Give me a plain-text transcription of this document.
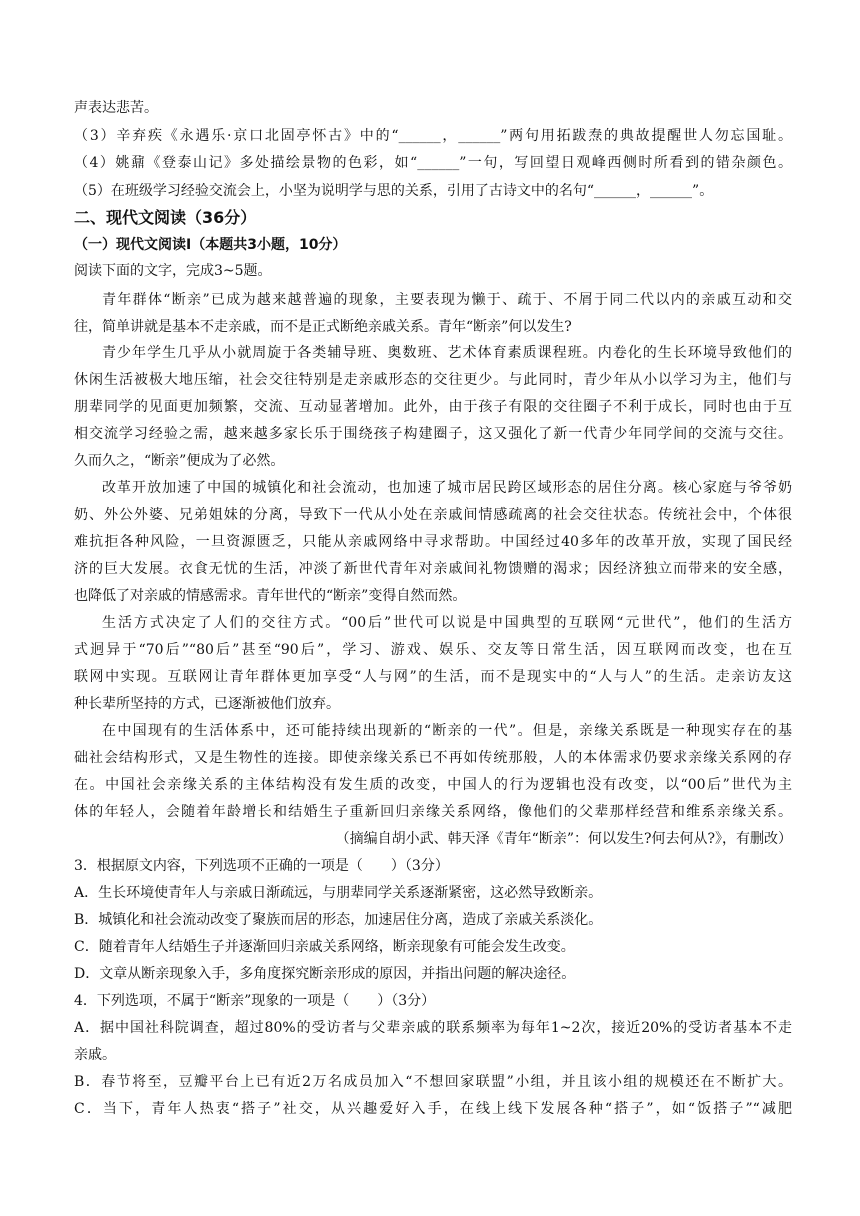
声表达悲苦。
（3）辛弃疾《永遇乐·京口北固亭怀古》中的“______，______”两句用拓跋焘的典故提醒世人勿忘国耻。
（4）姚鼐《登泰山记》多处描绘景物的色彩，如“______”一句，写回望日观峰西侧时所看到的错杂颜色。
（5）在班级学习经验交流会上，小坚为说明学与思的关系，引用了古诗文中的名句“______，______”。
二、现代文阅读（36分）
（一）现代文阅读Ⅰ（本题共3小题，10分）
阅读下面的文字，完成3~5题。
青年群体“断亲”已成为越来越普遍的现象，主要表现为懒于、疏于、不屑于同二代以内的亲戚互动和交
往，简单讲就是基本不走亲戚，而不是正式断绝亲戚关系。青年“断亲”何以发生?
青少年学生几乎从小就周旋于各类辅导班、奥数班、艺术体育素质课程班。内卷化的生长环境导致他们的
休闲生活被极大地压缩，社会交往特别是走亲戚形态的交往更少。与此同时，青少年从小以学习为主，他们与
朋辈同学的见面更加频繁，交流、互动显著增加。此外，由于孩子有限的交往圈子不利于成长，同时也由于互
相交流学习经验之需，越来越多家长乐于围绕孩子构建圈子，这又强化了新一代青少年同学间的交流与交往。
久而久之，“断亲”便成为了必然。
改革开放加速了中国的城镇化和社会流动，也加速了城市居民跨区域形态的居住分离。核心家庭与爷爷奶
奶、外公外婆、兄弟姐妹的分离，导致下一代从小处在亲戚间情感疏离的社会交往状态。传统社会中，个体很
难抗拒各种风险，一旦资源匮乏，只能从亲戚网络中寻求帮助。中国经过40多年的改革开放，实现了国民经
济的巨大发展。衣食无忧的生活，冲淡了新世代青年对亲戚间礼物馈赠的渴求；因经济独立而带来的安全感，
也降低了对亲戚的情感需求。青年世代的“断亲”变得自然而然。
生活方式决定了人们的交往方式。“00后”世代可以说是中国典型的互联网“元世代”，他们的生活方
式迥异于“70后”“80后”甚至“90后”，学习、游戏、娱乐、交友等日常生活，因互联网而改变，也在互
联网中实现。互联网让青年群体更加享受“人与网”的生活，而不是现实中的“人与人”的生活。走亲访友这
种长辈所坚持的方式，已逐渐被他们放弃。
在中国现有的生活体系中，还可能持续出现新的“断亲的一代”。但是，亲缘关系既是一种现实存在的基
础社会结构形式，又是生物性的连接。即使亲缘关系已不再如传统那般，人的本体需求仍要求亲缘关系网的存
在。中国社会亲缘关系的主体结构没有发生质的改变，中国人的行为逻辑也没有改变，以“00后”世代为主
体的年轻人，会随着年龄增长和结婚生子重新回归亲缘关系网络，像他们的父辈那样经营和维系亲缘关系。
（摘编自胡小武、韩天泽《青年“断亲”：何以发生?何去何从?》，有删改）
3．根据原文内容，下列选项不正确的一项是（　　）（3分）
A．生长环境使青年人与亲戚日渐疏远，与朋辈同学关系逐渐紧密，这必然导致断亲。
B．城镇化和社会流动改变了聚族而居的形态，加速居住分离，造成了亲戚关系淡化。
C．随着青年人结婚生子并逐渐回归亲戚关系网络，断亲现象有可能会发生改变。
D．文章从断亲现象入手，多角度探究断亲形成的原因，并指出问题的解决途径。
4．下列选项，不属于“断亲”现象的一项是（　　）（3分）
A．据中国社科院调查，超过80%的受访者与父辈亲戚的联系频率为每年1~2次，接近20%的受访者基本不走
亲戚。
B．春节将至，豆瓣平台上已有近2万名成员加入“不想回家联盟”小组，并且该小组的规模还在不断扩大。
C．当下，青年人热衷“搭子”社交，从兴趣爱好入手，在线上线下发展各种“搭子”，如“饭搭子”“减肥
